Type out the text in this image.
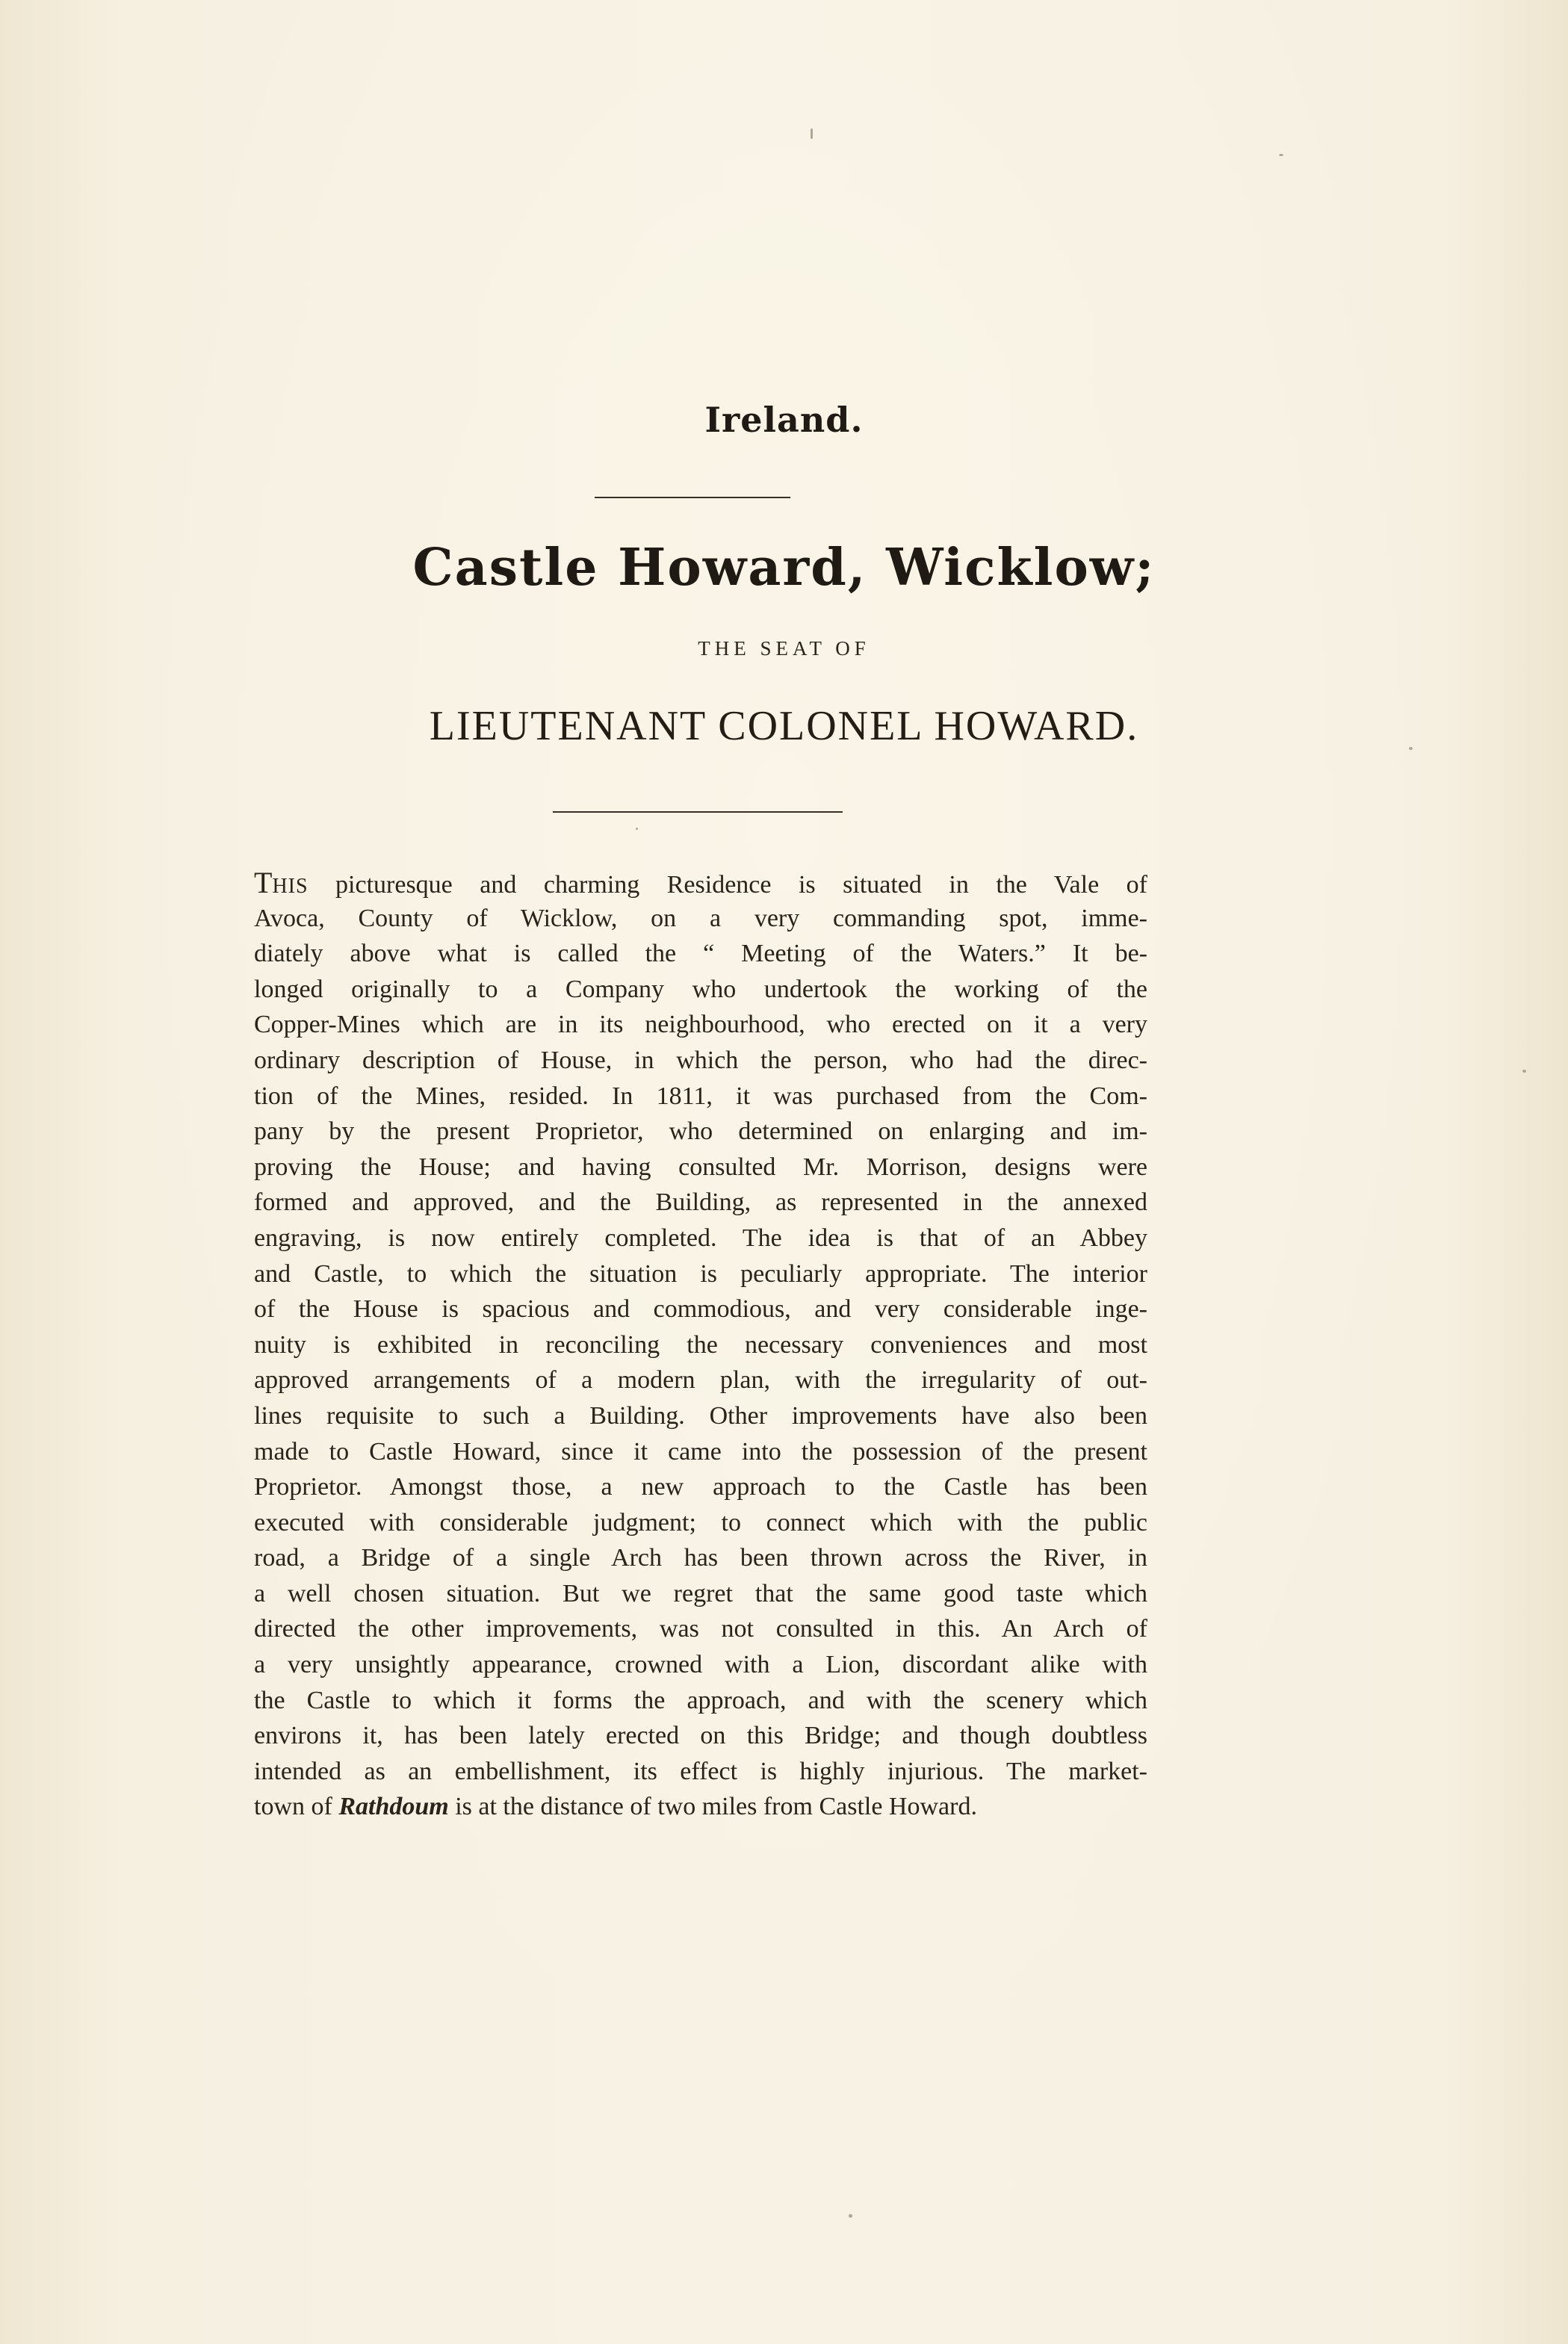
Ireland.
Castle Howard, Wicklow;
THE SEAT OF
LIEUTENANT COLONEL HOWARD.
THIS picturesque and charming Residence is situated in the Vale of
Avoca, County of Wicklow, on a very commanding spot, imme-
diately above what is called the “ Meeting of the Waters.” It be-
longed originally to a Company who undertook the working of the
Copper-Mines which are in its neighbourhood, who erected on it a very
ordinary description of House, in which the person, who had the direc-
tion of the Mines, resided. In 1811, it was purchased from the Com-
pany by the present Proprietor, who determined on enlarging and im-
proving the House; and having consulted Mr. Morrison, designs were
formed and approved, and the Building, as represented in the annexed
engraving, is now entirely completed. The idea is that of an Abbey
and Castle, to which the situation is peculiarly appropriate. The interior
of the House is spacious and commodious, and very considerable inge-
nuity is exhibited in reconciling the necessary conveniences and most
approved arrangements of a modern plan, with the irregularity of out-
lines requisite to such a Building. Other improvements have also been
made to Castle Howard, since it came into the possession of the present
Proprietor. Amongst those, a new approach to the Castle has been
executed with considerable judgment; to connect which with the public
road, a Bridge of a single Arch has been thrown across the River, in
a well chosen situation. But we regret that the same good taste which
directed the other improvements, was not consulted in this. An Arch of
a very unsightly appearance, crowned with a Lion, discordant alike with
the Castle to which it forms the approach, and with the scenery which
environs it, has been lately erected on this Bridge; and though doubtless
intended as an embellishment, its effect is highly injurious. The market-
town of Rathdoum is at the distance of two miles from Castle Howard.
